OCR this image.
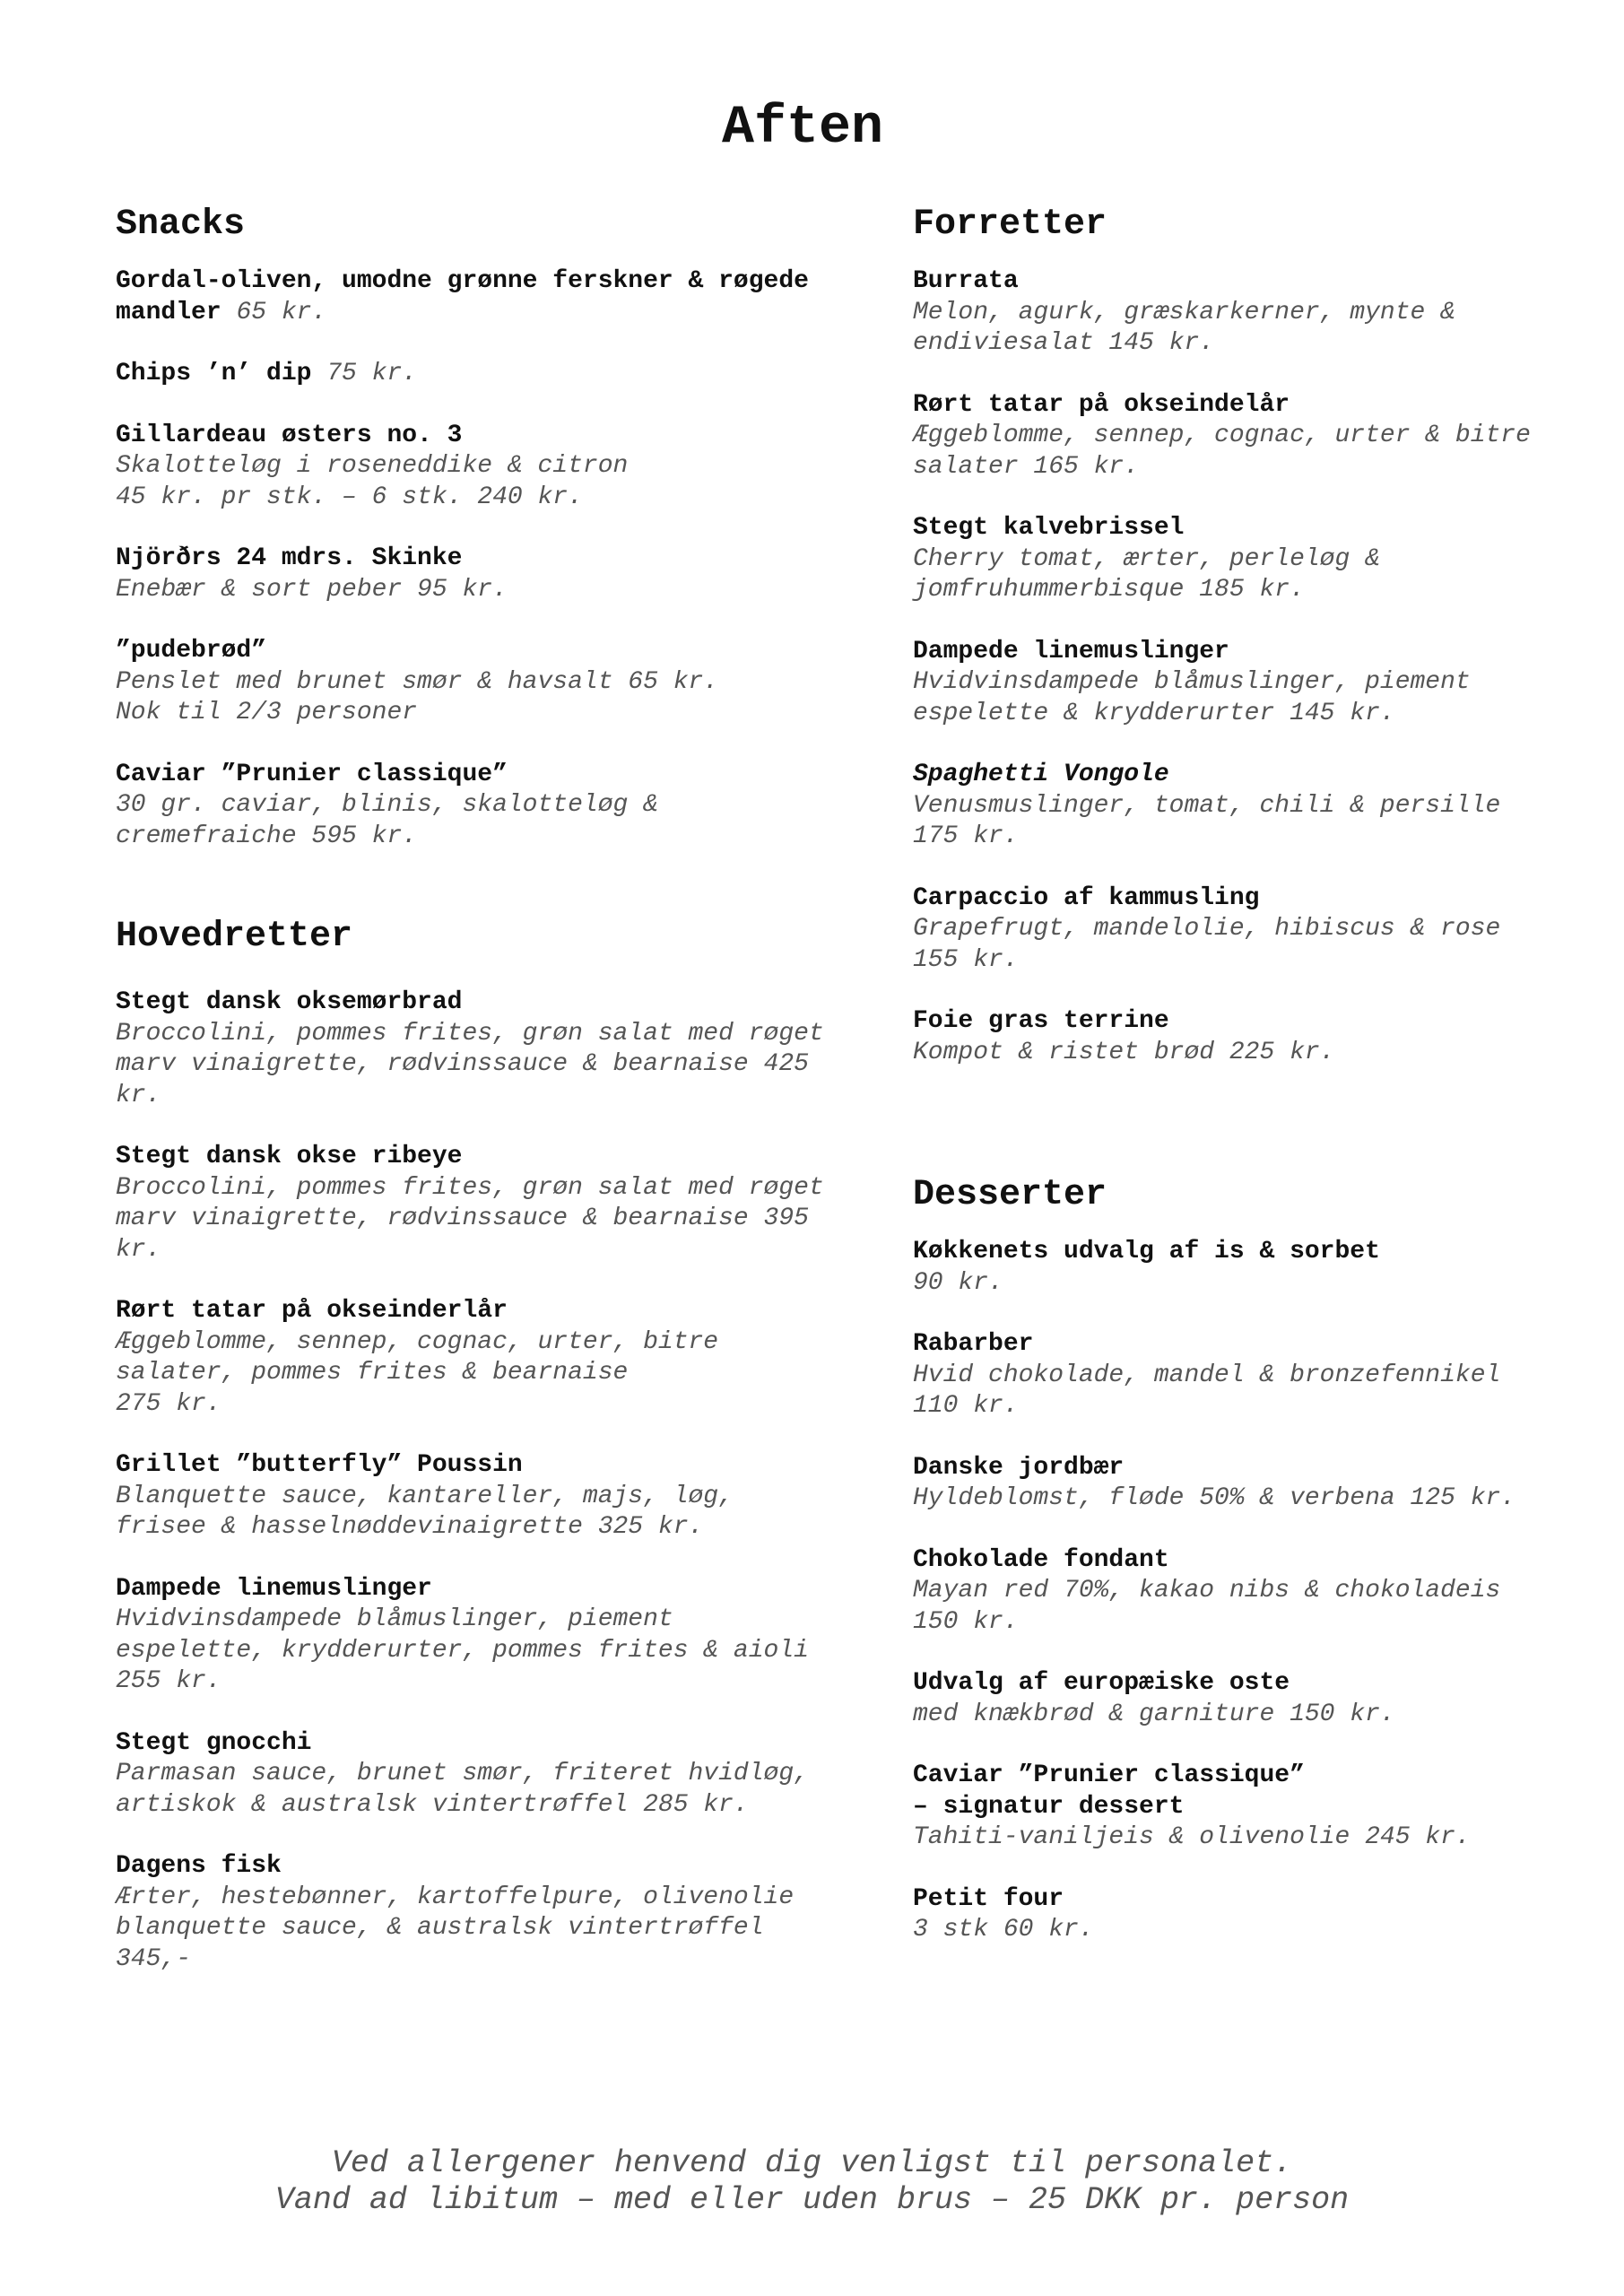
Aften
Snacks
Gordal-oliven, umodne grønne ferskner & røgede mandler 65 kr.
Chips ’n’ dip 75 kr.
Gillardeau østers no. 3
Skalotteløg i roseneddike & citron
45 kr. pr stk. – 6 stk. 240 kr.
Njörðrs 24 mdrs. Skinke
Enebær & sort peber 95 kr.
”pudebrød”
Penslet med brunet smør & havsalt 65 kr.
Nok til 2/3 personer
Caviar ”Prunier classique”
30 gr. caviar, blinis, skalotteløg & cremefraiche 595 kr.
Hovedretter
Stegt dansk oksemørbrad
Broccolini, pommes frites, grøn salat med røget marv vinaigrette, rødvinssauce & bearnaise 425 kr.
Stegt dansk okse ribeye
Broccolini, pommes frites, grøn salat med røget marv vinaigrette, rødvinssauce & bearnaise 395 kr.
Rørt tatar på okseinderlår
Æggeblomme, sennep, cognac, urter, bitre salater, pommes frites & bearnaise
275 kr.
Grillet ”butterfly” Poussin
Blanquette sauce, kantareller, majs, løg, frisee & hasselnøddevinaigrette 325 kr.
Dampede linemuslinger
Hvidvinsdampede blåmuslinger, piement espelette, krydderurter, pommes frites & aioli 255 kr.
Stegt gnocchi
Parmasan sauce, brunet smør, friteret hvidløg, artiskok & australsk vintertrøffel 285 kr.
Dagens fisk
Ærter, hestebønner, kartoffelpure, olivenolie blanquette sauce, & australsk vintertrøffel 345,-
Forretter
Burrata
Melon, agurk, græskarkerner, mynte & endiviesalat 145 kr.
Rørt tatar på okseindelår
Æggeblomme, sennep, cognac, urter & bitre salater 165 kr.
Stegt kalvebrissel
Cherry tomat, ærter, perleløg & jomfruhummerbisque 185 kr.
Dampede linemuslinger
Hvidvinsdampede blåmuslinger, piement espelette & krydderurter 145 kr.
Spaghetti Vongole
Venusmuslinger, tomat, chili & persille 175 kr.
Carpaccio af kammusling
Grapefrugt, mandelolie, hibiscus & rose 155 kr.
Foie gras terrine
Kompot & ristet brød 225 kr.
Desserter
Køkkenets udvalg af is & sorbet
90 kr.
Rabarber
Hvid chokolade, mandel & bronzefennikel 110 kr.
Danske jordbær
Hyldeblomst, fløde 50% & verbena 125 kr.
Chokolade fondant
Mayan red 70%, kakao nibs & chokoladeis 150 kr.
Udvalg af europæiske oste
med knækbrød & garniture 150 kr.
Caviar ”Prunier classique”
– signatur dessert
Tahiti-vaniljeis & olivenolie 245 kr.
Petit four
3 stk 60 kr.
Ved allergener henvend dig venligst til personalet.
Vand ad libitum – med eller uden brus – 25 DKK pr. person
